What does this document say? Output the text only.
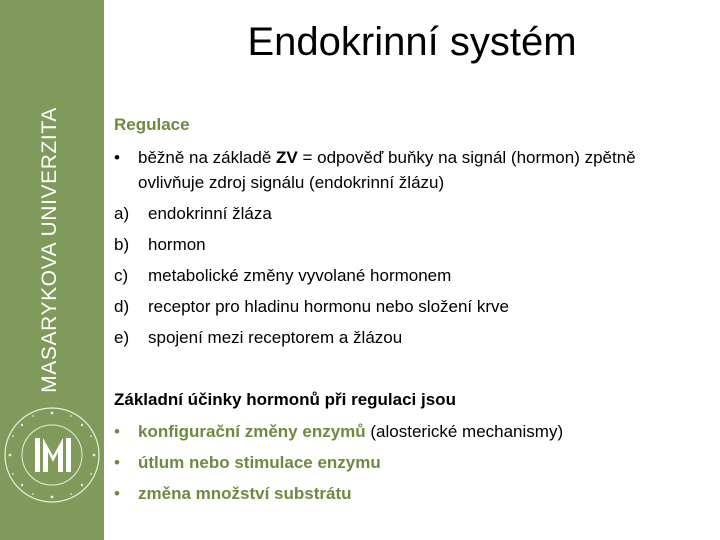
MASARYKOVA UNIVERZITA
Endokrinní systém
Regulace
• běžně na základě ZV = odpověď buňky na signál (hormon) zpětně
ovlivňuje zdroj signálu (endokrinní žlázu)
a) endokrinní žláza
b) hormon
c) metabolické změny vyvolané hormonem
d) receptor pro hladinu hormonu nebo složení krve
e) spojení mezi receptorem a žlázou
Základní účinky hormonů při regulaci jsou
• konfigurační změny enzymů (alosterické mechanismy)
• útlum nebo stimulace enzymu
• změna množství substrátu
